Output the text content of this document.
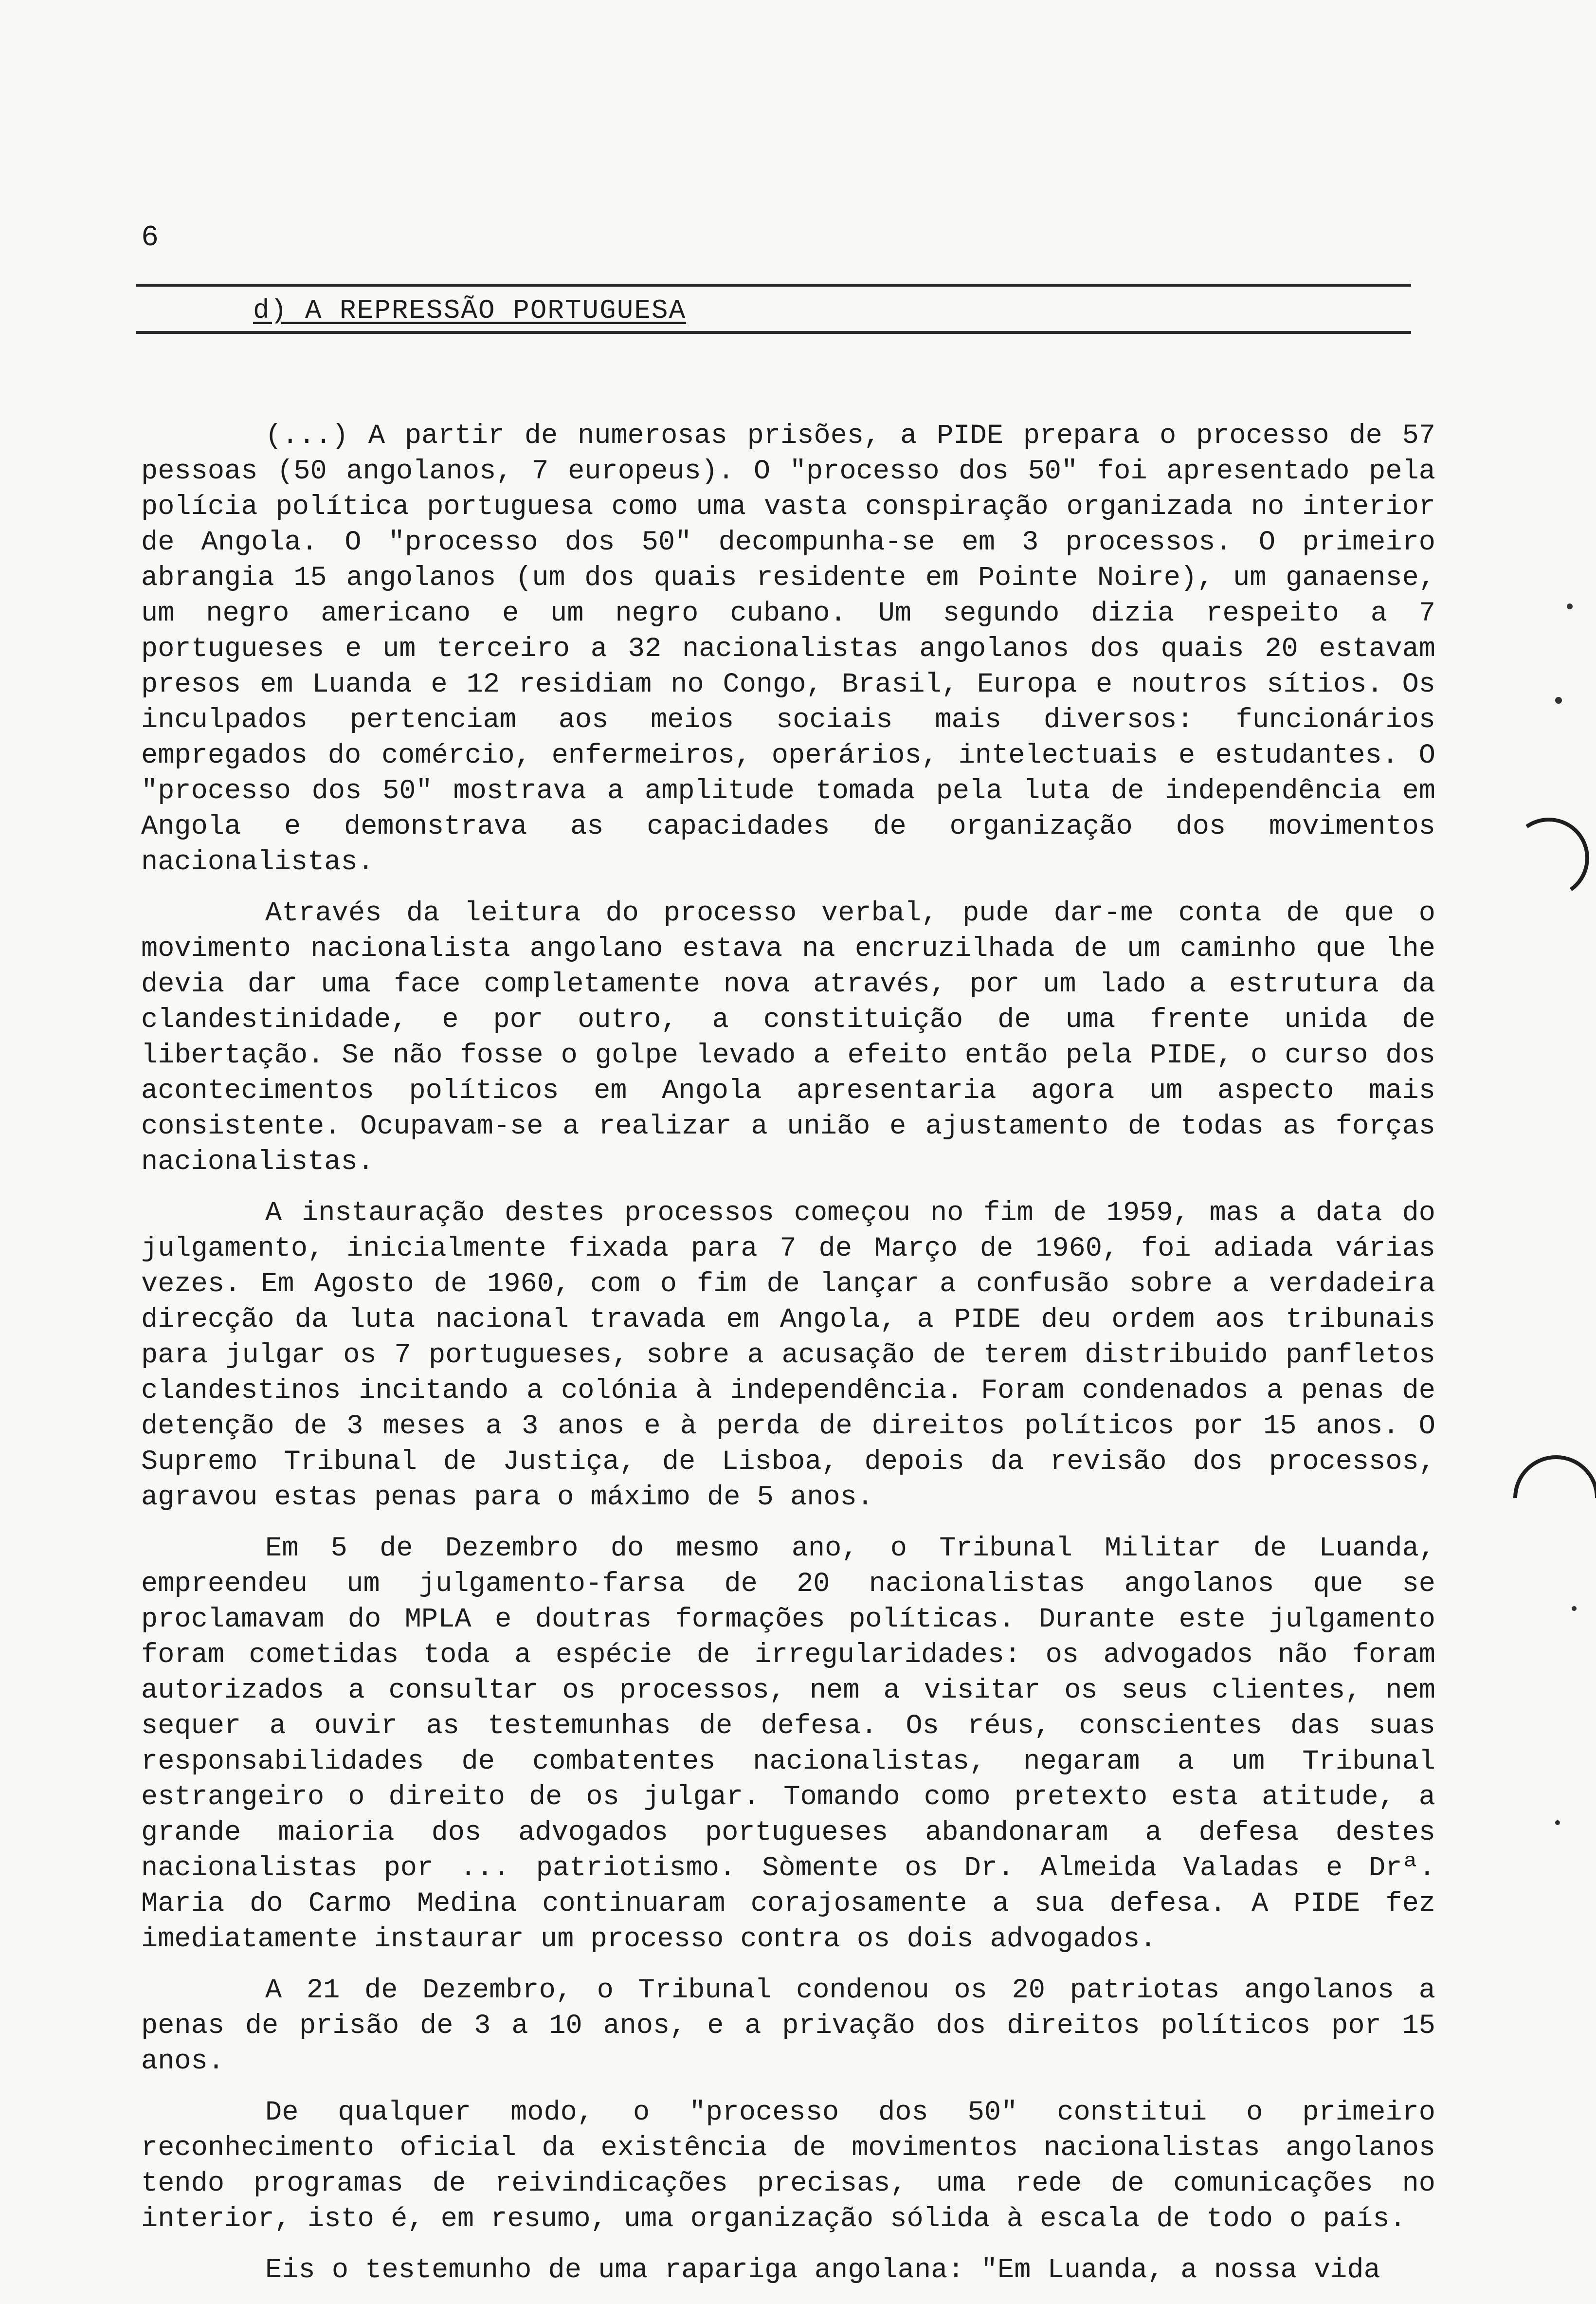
6
d) A REPRESSÃO PORTUGUESA

(...) A partir de numerosas prisões, a PIDE prepara o processo de 57 pessoas (50 angolanos, 7 europeus). O "processo dos 50" foi apresentado pela polícia política portuguesa como uma vasta conspiração organizada no interior de Angola. O "processo dos 50" decompunha-se em 3 processos. O primeiro abrangia 15 angolanos (um dos quais residente em Pointe Noire), um ganaense, um negro americano e um negro cubano. Um segundo dizia respeito a 7 portugueses e um terceiro a 32 nacionalistas angolanos dos quais 20 estavam presos em Luanda e 12 residiam no Congo, Brasil, Europa e noutros sítios. Os inculpados pertenciam aos meios sociais mais diversos: funcionários empregados do comércio, enfermeiros, operários, intelectuais e estudantes. O "processo dos 50" mostrava a amplitude tomada pela luta de independência em Angola e demonstrava as capacidades de organização dos movimentos nacionalistas.

Através da leitura do processo verbal, pude dar-me conta de que o movimento nacionalista angolano estava na encruzilhada de um caminho que lhe devia dar uma face completamente nova através, por um lado a estrutura da clandestinidade, e por outro, a constituição de uma frente unida de libertação. Se não fosse o golpe levado a efeito então pela PIDE, o curso dos acontecimentos políticos em Angola apresentaria agora um aspecto mais consistente. Ocupavam-se a realizar a união e ajustamento de todas as forças nacionalistas.

A instauração destes processos começou no fim de 1959, mas a data do julgamento, inicialmente fixada para 7 de Março de 1960, foi adiada várias vezes. Em Agosto de 1960, com o fim de lançar a confusão sobre a verdadeira direcção da luta nacional travada em Angola, a PIDE deu ordem aos tribunais para julgar os 7 portugueses, sobre a acusação de terem distribuido panfletos clandestinos incitando a colónia à independência. Foram condenados a penas de detenção de 3 meses a 3 anos e à perda de direitos políticos por 15 anos. O Supremo Tribunal de Justiça, de Lisboa, depois da revisão dos processos, agravou estas penas para o máximo de 5 anos.

Em 5 de Dezembro do mesmo ano, o Tribunal Militar de Luanda, empreendeu um julgamento-farsa de 20 nacionalistas angolanos que se proclamavam do MPLA e doutras formações políticas. Durante este julgamento foram cometidas toda a espécie de irregularidades: os advogados não foram autorizados a consultar os processos, nem a visitar os seus clientes, nem sequer a ouvir as testemunhas de defesa. Os réus, conscientes das suas responsabilidades de combatentes nacionalistas, negaram a um Tribunal estrangeiro o direito de os julgar. Tomando como pretexto esta atitude, a grande maioria dos advogados portugueses abandonaram a defesa destes nacionalistas por ... patriotismo. Sòmente os Dr. Almeida Valadas e Drª. Maria do Carmo Medina continuaram corajosamente a sua defesa. A PIDE fez imediatamente instaurar um processo contra os dois advogados.

A 21 de Dezembro, o Tribunal condenou os 20 patriotas angolanos a penas de prisão de 3 a 10 anos, e a privação dos direitos políticos por 15 anos.

De qualquer modo, o "processo dos 50" constitui o primeiro reconhecimento oficial da existência de movimentos nacionalistas angolanos tendo programas de reivindicações precisas, uma rede de comunicações no interior, isto é, em resumo, uma organização sólida à escala de todo o país.

Eis o testemunho de uma rapariga angolana: "Em Luanda, a nossa vida
